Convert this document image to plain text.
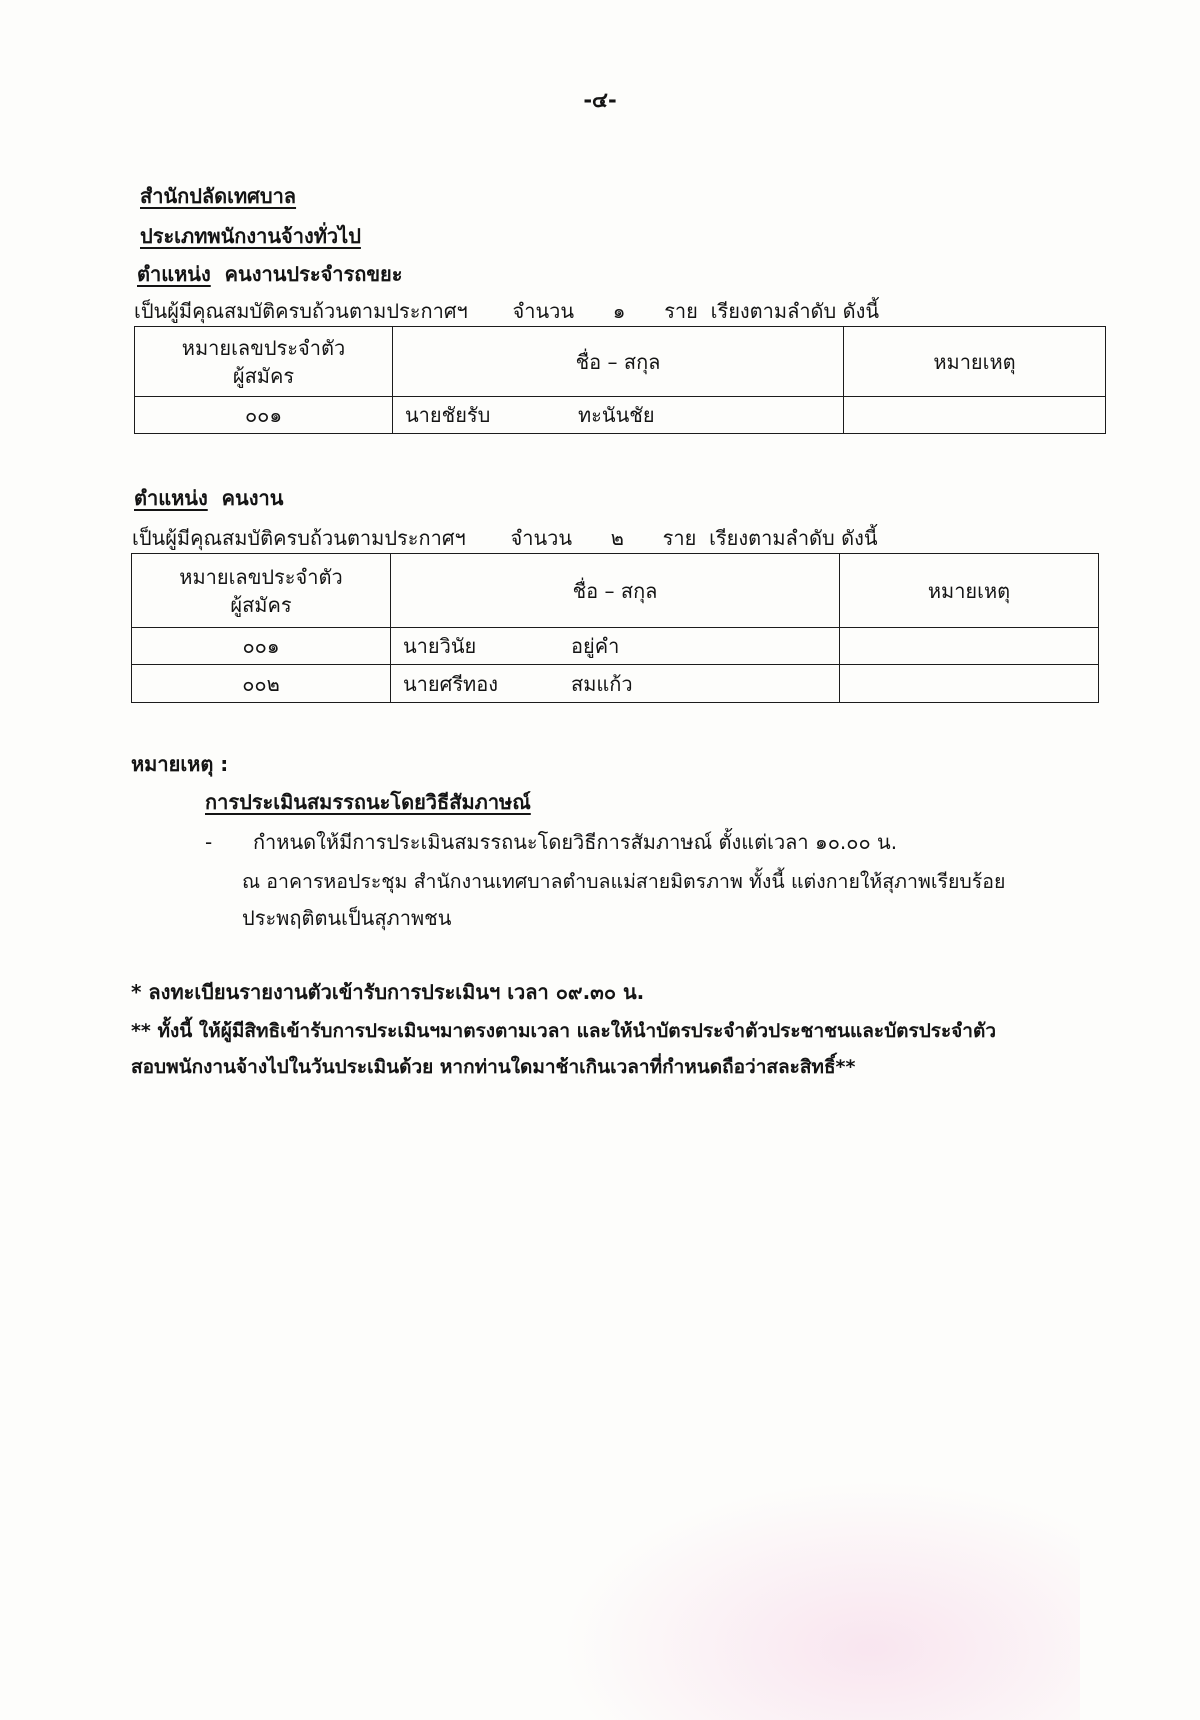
-๔-
สำนักปลัดเทศบาล
ประเภทพนักงานจ้างทั่วไป
ตำแหน่ง คนงานประจำรถขยะ
เป็นผู้มีคุณสมบัติครบถ้วนตามประกาศฯ จำนวน ๑ ราย เรียงตามลำดับ ดังนี้
หมายเลขประจำตัว
ผู้สมัคร	ชื่อ – สกุล	หมายเหตุ
๐๐๑	นายชัยรับ ทะนันชัย	

ตำแหน่ง คนงาน
เป็นผู้มีคุณสมบัติครบถ้วนตามประกาศฯ จำนวน ๒ ราย เรียงตามลำดับ ดังนี้
หมายเลขประจำตัว
ผู้สมัคร	ชื่อ – สกุล	หมายเหตุ
๐๐๑	นายวินัย อยู่คำ	

๐๐๒	นายศรีทอง สมแก้ว	

หมายเหตุ :
การประเมินสมรรถนะโดยวิธีสัมภาษณ์
- กำหนดให้มีการประเมินสมรรถนะโดยวิธีการสัมภาษณ์ ตั้งแต่เวลา ๑๐.๐๐ น.
ณ อาคารหอประชุม สำนักงานเทศบาลตำบลแม่สายมิตรภาพ ทั้งนี้ แต่งกายให้สุภาพเรียบร้อย
ประพฤติตนเป็นสุภาพชน
* ลงทะเบียนรายงานตัวเข้ารับการประเมินฯ เวลา ๐๙.๓๐ น.
** ทั้งนี้ ให้ผู้มีสิทธิเข้ารับการประเมินฯมาตรงตามเวลา และให้นำบัตรประจำตัวประชาชนและบัตรประจำตัว
สอบพนักงานจ้างไปในวันประเมินด้วย หากท่านใดมาช้าเกินเวลาที่กำหนดถือว่าสละสิทธิ์**
